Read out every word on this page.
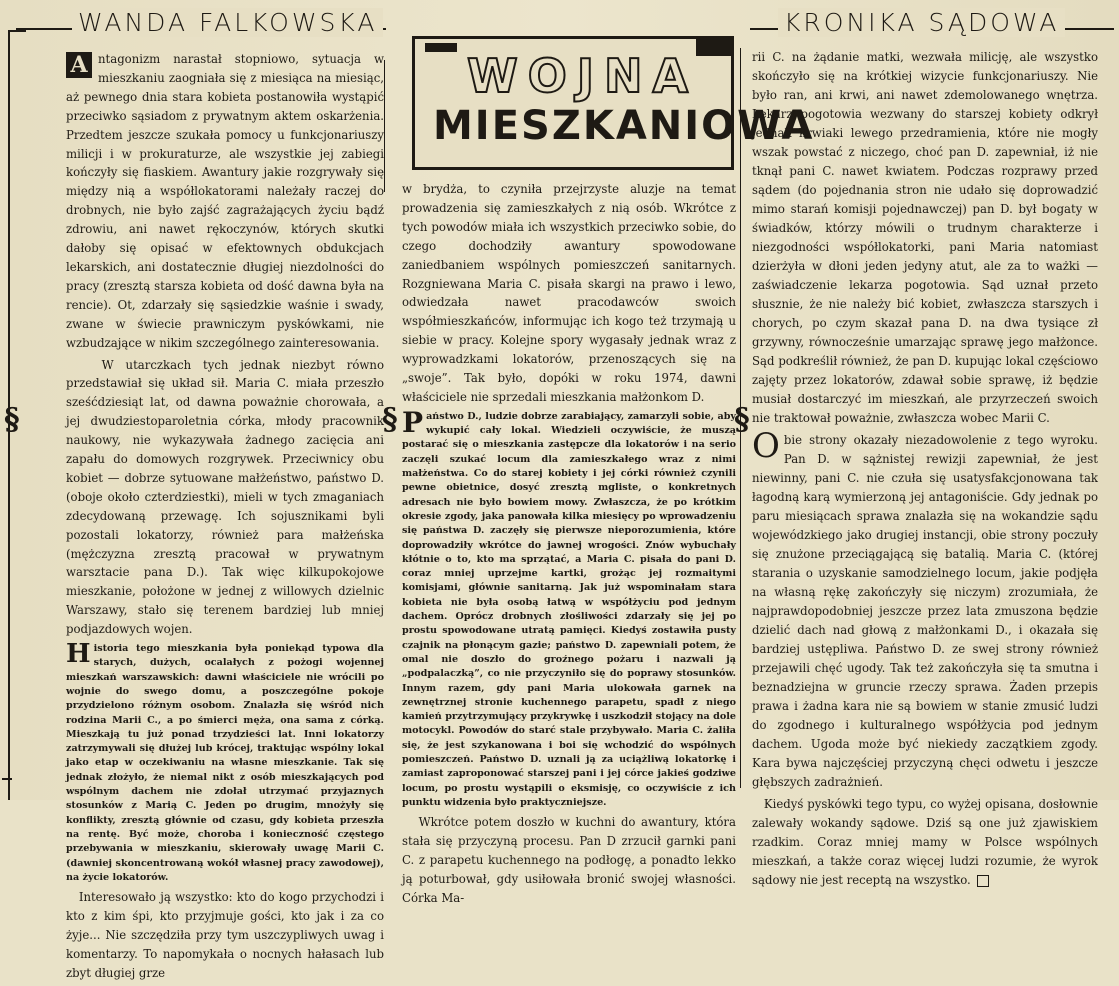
WANDA FALKOWSKA	KRONIKA SĄDOWA
WOJNA
MIESZKANIOWA
§	§	§

A ntagonizm narastał stopniowo, sytuacja w mieszkaniu zaogniała się z miesiąca na miesiąc, aż pewnego dnia stara kobieta postanowiła wystąpić przeciwko sąsiadom z prywatnym aktem oskarżenia. Przedtem jeszcze szukała pomocy u funkcjonariuszy milicji i w prokuraturze, ale wszystkie jej zabiegi kończyły się fiaskiem. Awantury jakie rozgrywały się między nią a współlokatorami należały raczej do drobnych, nie było zajść zagrażających życiu bądź zdrowiu, ani nawet rękoczynów, których skutki dałoby się opisać w efektownych obdukcjach lekarskich, ani dostatecznie długiej niezdolności do pracy (zresztą starsza kobieta od dość dawna była na rencie). Ot, zdarzały się sąsiedzkie waśnie i swady, zwane w świecie prawniczym pyskówkami, nie wzbudzające w nikim szczególnego zainteresowania.

W utarczkach tych jednak niezbyt równo przedstawiał się układ sił. Maria C. miała przeszło sześćdziesiąt lat, od dawna poważnie chorowała, a jej dwudziestoparoletnia córka, młody pracownik naukowy, nie wykazywała żadnego zacięcia ani zapału do domowych rozgrywek. Przeciwnicy obu kobiet — dobrze sytuowane małżeństwo, państwo D. (oboje około czterdziestki), mieli w tych zmaganiach zdecydowaną przewagę. Ich sojusznikami byli pozostali lokatorzy, również para małżeńska (mężczyzna zresztą pracował w prywatnym warsztacie pana D.). Tak więc kilkupokojowe mieszkanie, położone w jednej z willowych dzielnic Warszawy, stało się terenem bardziej lub mniej podjazdowych wojen.

Historia tego mieszkania była poniekąd typowa dla starych, dużych, ocalałych z pożogi wojennej mieszkań warszawskich: dawni właściciele nie wrócili po wojnie do swego domu, a poszczególne pokoje przydzielono różnym osobom. Znalazła się wśród nich rodzina Marii C., a po śmierci męża, ona sama z córką. Mieszkają tu już ponad trzydzieści lat. Inni lokatorzy zatrzymywali się dłużej lub krócej, traktując wspólny lokal jako etap w oczekiwaniu na własne mieszkanie. Tak się jednak złożyło, że niemal nikt z osób mieszkających pod wspólnym dachem nie zdołał utrzymać przyjaznych stosunków z Marią C. Jeden po drugim, mnożyły się konflikty, zresztą głównie od czasu, gdy kobieta przeszła na rentę. Być może, choroba i konieczność częstego przebywania w mieszkaniu, skierowały uwagę Marii C. (dawniej skoncentrowaną wokół własnej pracy zawodowej), na życie lokatorów.

Interesowało ją wszystko: kto do kogo przychodzi i kto z kim śpi, kto przyjmuje gości, kto jak i za co żyje... Nie szczędziła przy tym uszczypliwych uwag i komentarzy. To napomykała o nocnych hałasach lub zbyt długiej grze

w brydża, to czyniła przejrzyste aluzje na temat prowadzenia się zamieszkałych z nią osób. Wkrótce z tych powodów miała ich wszystkich przeciwko sobie, do czego dochodziły awantury spowodowane zaniedbaniem wspólnych pomieszczeń sanitarnych. Rozgniewana Maria C. pisała skargi na prawo i lewo, odwiedzała nawet pracodawców swoich współmieszkańców, informując ich kogo też trzymają u siebie w pracy. Kolejne spory wygasały jednak wraz z wyprowadzkami lokatorów, przenoszących się na „swoje”. Tak było, dopóki w roku 1974, dawni właściciele nie sprzedali mieszkania małżonkom D.

Państwo D., ludzie dobrze zarabiający, zamarzyli sobie, aby wykupić cały lokal. Wiedzieli oczywiście, że muszą postarać się o mieszkania zastępcze dla lokatorów i na serio zaczęli szukać locum dla zamieszkałego wraz z nimi małżeństwa. Co do starej kobiety i jej córki również czynili pewne obietnice, dosyć zresztą mgliste, o konkretnych adresach nie było bowiem mowy. Zwłaszcza, że po krótkim okresie zgody, jaka panowała kilka miesięcy po wprowadzeniu się państwa D. zaczęły się pierwsze nieporozumienia, które doprowadziły wkrótce do jawnej wrogości. Znów wybuchały kłótnie o to, kto ma sprzątać, a Maria C. pisała do pani D. coraz mniej uprzejme kartki, grożąc jej rozmaitymi komisjami, głównie sanitarną. Jak już wspominałam stara kobieta nie była osobą łatwą w współżyciu pod jednym dachem. Oprócz drobnych złośliwości zdarzały się jej po prostu spowodowane utratą pamięci. Kiedyś zostawiła pusty czajnik na płonącym gazie; państwo D. zapewniali potem, że omal nie doszło do groźnego pożaru i nazwali ją „podpalaczką”, co nie przyczyniło się do poprawy stosunków. Innym razem, gdy pani Maria ulokowała garnek na zewnętrznej stronie kuchennego parapetu, spadł z niego kamień przytrzymujący przykrywkę i uszkodził stojący na dole motocykl. Powodów do starć stale przybywało. Maria C. żaliła się, że jest szykanowana i boi się wchodzić do wspólnych pomieszczeń. Państwo D. uznali ją za uciążliwą lokatorkę i zamiast zaproponować starszej pani i jej córce jakieś godziwe locum, po prostu wystąpili o eksmisję, co oczywiście z ich punktu widzenia było praktyczniejsze.

Wkrótce potem doszło w kuchni do awantury, która stała się przyczyną procesu. Pan D zrzucił garnki pani C. z parapetu kuchennego na podłogę, a ponadto lekko ją poturbował, gdy usiłowała bronić swojej własności. Córka Ma-

rii C. na żądanie matki, wezwała milicję, ale wszystko skończyło się na krótkiej wizycie funkcjonariuszy. Nie było ran, ani krwi, ani nawet zdemolowanego wnętrza. Lekarz pogotowia wezwany do starszej kobiety odkrył jednak krwiaki lewego przedramienia, które nie mogły wszak powstać z niczego, choć pan D. zapewniał, iż nie tknął pani C. nawet kwiatem. Podczas rozprawy przed sądem (do pojednania stron nie udało się doprowadzić mimo starań komisji pojednawczej) pan D. był bogaty w świadków, którzy mówili o trudnym charakterze i niezgodności współlokatorki, pani Maria natomiast dzierżyła w dłoni jeden jedyny atut, ale za to ważki — zaświadczenie lekarza pogotowia. Sąd uznał przeto słusznie, że nie należy bić kobiet, zwłaszcza starszych i chorych, po czym skazał pana D. na dwa tysiące zł grzywny, równocześnie umarzając sprawę jego małżonce. Sąd podkreślił również, że pan D. kupując lokal częściowo zajęty przez lokatorów, zdawał sobie sprawę, iż będzie musiał dostarczyć im mieszkań, ale przyrzeczeń swoich nie traktował poważnie, zwłaszcza wobec Marii C.

Obie strony okazały niezadowolenie z tego wyroku. Pan D. w sążnistej rewizji zapewniał, że jest niewinny, pani C. nie czuła się usatysfakcjonowana tak łagodną karą wymierzoną jej antagoniście. Gdy jednak po paru miesiącach sprawa znalazła się na wokandzie sądu wojewódzkiego jako drugiej instancji, obie strony poczuły się znużone przeciągającą się batalią. Maria C. (której starania o uzyskanie samodzielnego locum, jakie podjęła na własną rękę zakończyły się niczym) zrozumiała, że najprawdopodobniej jeszcze przez lata zmuszona będzie dzielić dach nad głową z małżonkami D., i okazała się bardziej ustępliwa. Państwo D. ze swej strony również przejawili chęć ugody. Tak też zakończyła się ta smutna i beznadziejna w gruncie rzeczy sprawa. Żaden przepis prawa i żadna kara nie są bowiem w stanie zmusić ludzi do zgodnego i kulturalnego współżycia pod jednym dachem. Ugoda może być niekiedy zaczątkiem zgody. Kara bywa najczęściej przyczyną chęci odwetu i jeszcze głębszych zadrażnień.

Kiedyś pyskówki tego typu, co wyżej opisana, dosłownie zalewały wokandy sądowe. Dziś są one już zjawiskiem rzadkim. Coraz mniej mamy w Polsce wspólnych mieszkań, a także coraz więcej ludzi rozumie, że wyrok sądowy nie jest receptą na wszystko.
